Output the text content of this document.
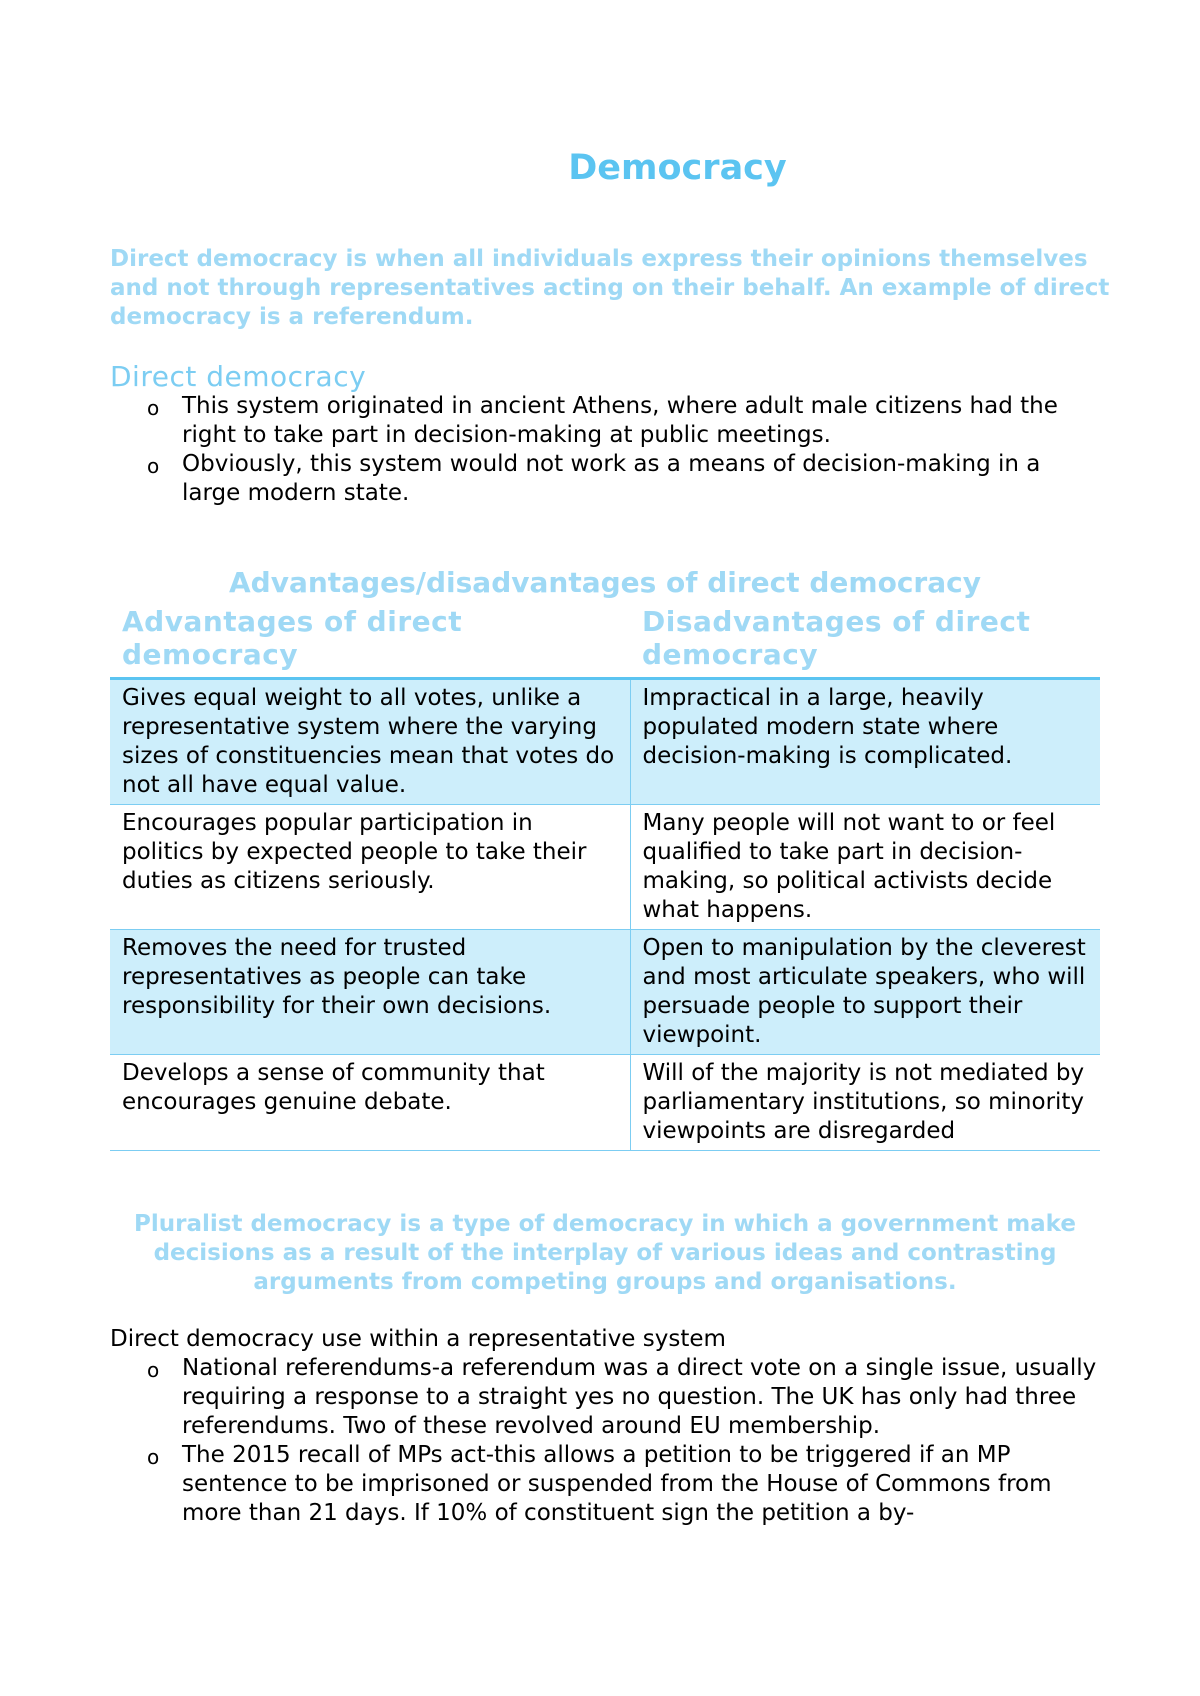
Democracy

Direct democracy is when all individuals express their opinions themselves and not through representatives acting on their behalf. An example of direct democracy is a referendum.

Direct democracy
o This system originated in ancient Athens, where adult male citizens had the right to take part in decision-making at public meetings.
o Obviously, this system would not work as a means of decision-making in a large modern state.
Advantages/disadvantages of direct democracy
Advantages of direct democracy	Disadvantages of direct democracy
Gives equal weight to all votes, unlike a representative system where the varying sizes of constituencies mean that votes do not all have equal value.	Impractical in a large, heavily populated modern state where decision-making is complicated.
Encourages popular participation in politics by expected people to take their duties as citizens seriously.	Many people will not want to or feel qualified to take part in decision-making, so political activists decide what happens.
Removes the need for trusted representatives as people can take responsibility for their own decisions.	Open to manipulation by the cleverest and most articulate speakers, who will persuade people to support their viewpoint.
Develops a sense of community that encourages genuine debate.	Will of the majority is not mediated by parliamentary institutions, so minority viewpoints are disregarded

Pluralist democracy is a type of democracy in which a government make decisions as a result of the interplay of various ideas and contrasting arguments from competing groups and organisations.

Direct democracy use within a representative system

o National referendums-a referendum was a direct vote on a single issue, usually requiring a response to a straight yes no question. The UK has only had three referendums. Two of these revolved around EU membership.
o The 2015 recall of MPs act-this allows a petition to be triggered if an MP sentence to be imprisoned or suspended from the House of Commons from more than 21 days. If 10% of constituent sign the petition a by-
